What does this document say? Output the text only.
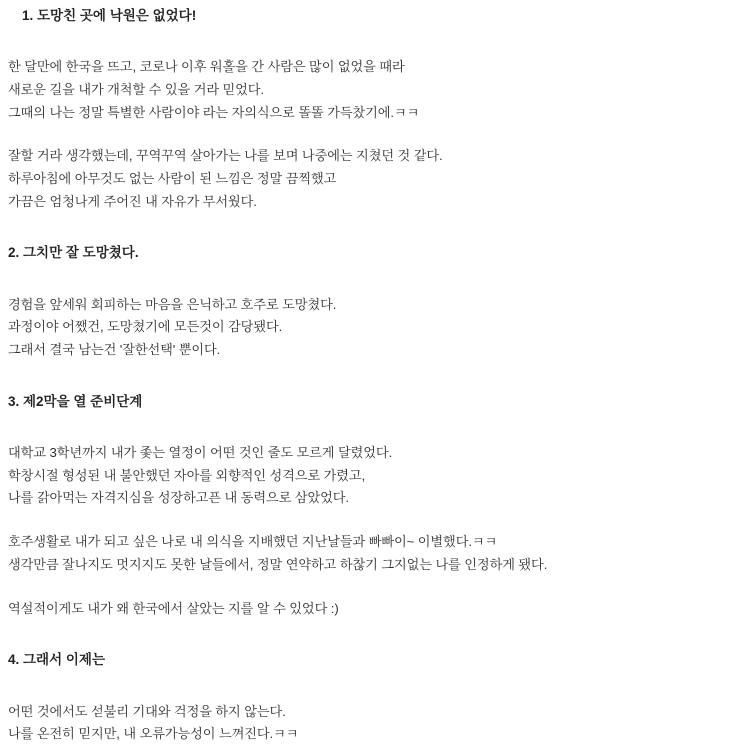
1. 도망친 곳에 낙원은 없었다!

한 달만에 한국을 뜨고, 코로나 이후 워홀을 간 사람은 많이 없었을 때라

새로운 길을 내가 개척할 수 있을 거라 믿었다.

그때의 나는 정말 특별한 사람이야 라는 자의식으로 똘똘 가득찼기에.ㅋㅋ

잘할 거라 생각했는데, 꾸역꾸역 살아가는 나를 보며 나중에는 지쳤던 것 같다.

하루아침에 아무것도 없는 사람이 된 느낌은 정말 끔찍했고

가끔은 엄청나게 주어진 내 자유가 무서웠다.

2. 그치만 잘 도망쳤다.

경험을 앞세워 회피하는 마음을 은닉하고 호주로 도망쳤다.

과정이야 어쨌건, 도망쳤기에 모든것이 감당됐다.

그래서 결국 남는건 '잘한선택' 뿐이다.

3. 제2막을 열 준비단계

대학교 3학년까지 내가 좇는 열정이 어떤 것인 줄도 모르게 달렸었다.

학창시절 형성된 내 불안했던 자아를 외향적인 성격으로 가렸고,

나를 갉아먹는 자격지심을 성장하고픈 내 동력으로 삼았었다.

호주생활로 내가 되고 싶은 나로 내 의식을 지배했던 지난날들과 빠빠이~ 이별했다.ㅋㅋ

생각만큼 잘나지도 멋지지도 못한 날들에서, 정말 연약하고 하찮기 그지없는 나를 인정하게 됐다.

역설적이게도 내가 왜 한국에서 살았는 지를 알 수 있었다 :)

4. 그래서 이제는

어떤 것에서도 섣불리 기대와 걱정을 하지 않는다.

나를 온전히 믿지만, 내 오류가능성이 느껴진다.ㅋㅋ
